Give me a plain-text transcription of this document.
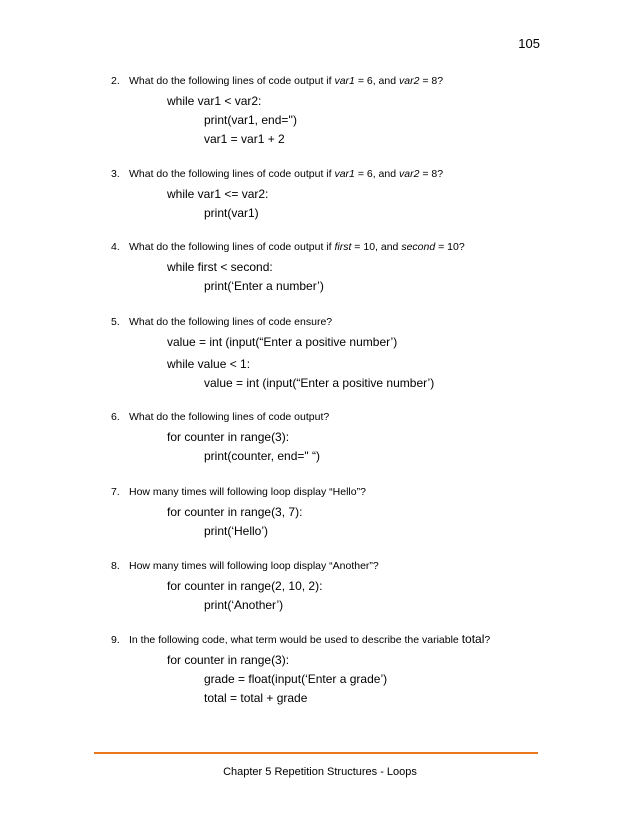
105
2. What do the following lines of code output if var1 = 6, and var2 = 8?
while var1 < var2:
print(var1, end='')
var1 = var1 + 2
3. What do the following lines of code output if var1 = 6, and var2 = 8?
while var1 <= var2:
print(var1)
4. What do the following lines of code output if first = 10, and second = 10?
while first < second:
print(‘Enter a number’)
5. What do the following lines of code ensure?
value = int (input(“Enter a positive number’)
while value < 1:
value = int (input(“Enter a positive number’)
6. What do the following lines of code output?
for counter in range(3):
print(counter, end=" “)
7. How many times will following loop display “Hello”?
for counter in range(3, 7):
print(‘Hello’)
8. How many times will following loop display “Another”?
for counter in range(2, 10, 2):
print(‘Another’)
9. In the following code, what term would be used to describe the variable total?
for counter in range(3):
grade = float(input(‘Enter a grade’)
total = total + grade
Chapter 5 Repetition Structures - Loops
